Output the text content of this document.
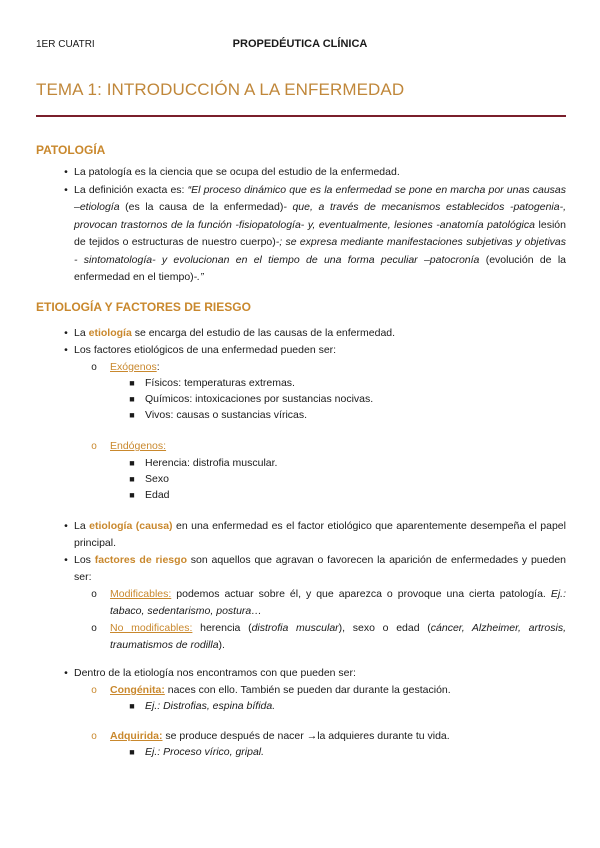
1ER CUATRI	PROPEDÉUTICA CLÍNICA
TEMA 1: INTRODUCCIÓN A LA ENFERMEDAD
PATOLOGÍA
• La patología es la ciencia que se ocupa del estudio de la enfermedad.
• La definición exacta es: “El proceso dinámico que es la enfermedad se pone en marcha por unas causas –etiología (es la causa de la enfermedad)- que, a través de mecanismos establecidos -patogenia-, provocan trastornos de la función -fisiopatología- y, eventualmente, lesiones -anatomía patológica lesión de tejidos o estructuras de nuestro cuerpo)-; se expresa mediante manifestaciones subjetivas y objetivas - sintomatología- y evolucionan en el tiempo de una forma peculiar –patocronía (evolución de la enfermedad en el tiempo)-.”
ETIOLOGÍA Y FACTORES DE RIESGO
• La etiología se encarga del estudio de las causas de la enfermedad.
• Los factores etiológicos de una enfermedad pueden ser:
o Exógenos:
■ Físicos: temperaturas extremas.
■ Químicos: intoxicaciones por sustancias nocivas.
■ Vivos: causas o sustancias víricas.
o Endógenos:
■ Herencia: distrofia muscular.
■ Sexo
■ Edad
• La etiología (causa) en una enfermedad es el factor etiológico que aparentemente desempeña el papel principal.
• Los factores de riesgo son aquellos que agravan o favorecen la aparición de enfermedades y pueden ser:
o Modificables: podemos actuar sobre él, y que aparezca o provoque una cierta patología. Ej.: tabaco, sedentarismo, postura…
o No modificables: herencia (distrofia muscular), sexo o edad (cáncer, Alzheimer, artrosis, traumatismos de rodilla).
• Dentro de la etiología nos encontramos con que pueden ser:
o Congénita: naces con ello. También se pueden dar durante la gestación.
■ Ej.: Distrofias, espina bífida.
o Adquirida: se produce después de nacer →la adquieres durante tu vida.
■ Ej.: Proceso vírico, gripal.
